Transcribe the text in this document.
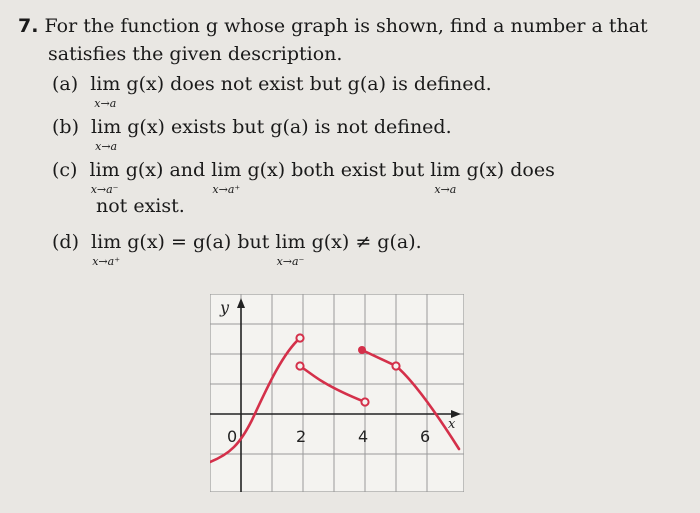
7. For the function g whose graph is shown, find a number a that
satisfies the given description.
(a) lim
x→a
g(x) does not exist but g(a) is defined.
(b) lim
x→a
g(x) exists but g(a) is not defined.
(c) lim
x→a⁻
g(x) and lim
x→a⁺
g(x) both exist but lim
x→a
g(x) does
not exist.
(d) lim
x→a⁺
g(x) = g(a) but lim
x→a⁻
g(x) ≠ g(a).
y
x
0	2	4	6
